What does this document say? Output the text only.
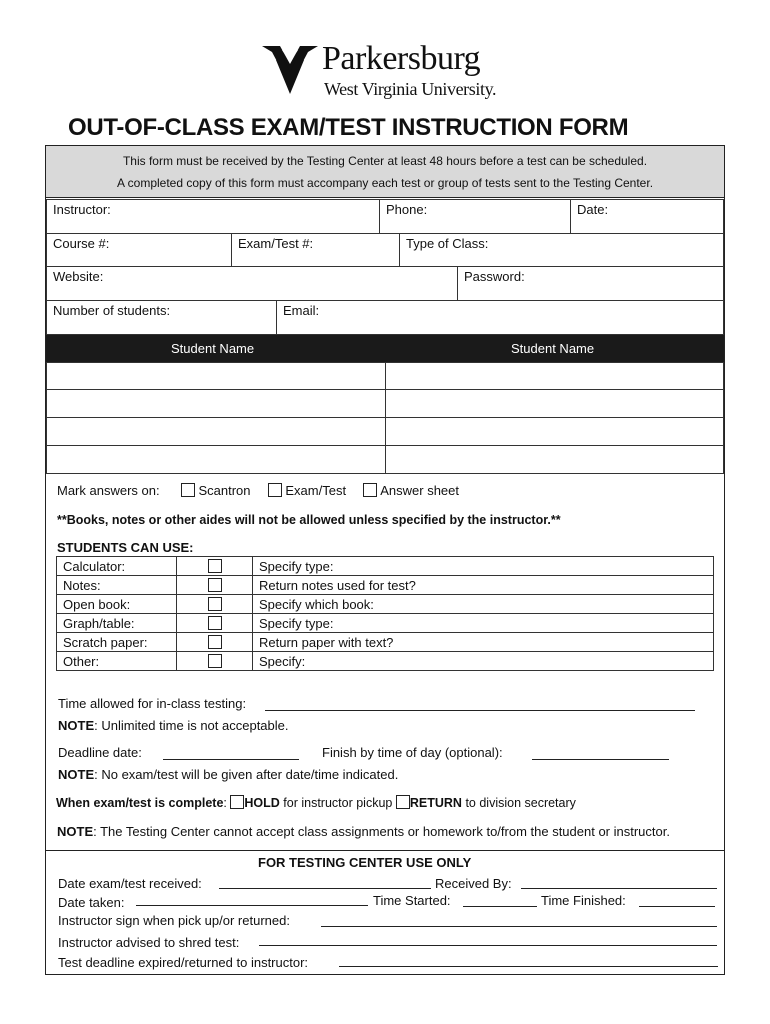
Parkersburg
West Virginia University.
OUT-OF-CLASS EXAM/TEST INSTRUCTION FORM
This form must be received by the Testing Center at least 48 hours before a test can be scheduled.
A completed copy of this form must accompany each test or group of tests sent to the Testing Center.
Instructor:	Phone:	Date:
Course #:	Exam/Test #:	Type of Class:
Website:	Password:
Number of students:	Email:
Student Name	Student Name
Mark answers on:	Scantron	Exam/Test	Answer sheet
**Books, notes or other aides will not be allowed unless specified by the instructor.**
STUDENTS CAN USE:
Calculator:		Specify type:
Notes:		Return notes used for test?
Open book:		Specify which book:
Graph/table:		Specify type:
Scratch paper:		Return paper with text?
Other:		Specify:
Time allowed for in-class testing:
NOTE: Unlimited time is not acceptable.
Deadline date:	Finish by time of day (optional):
NOTE: No exam/test will be given after date/time indicated.
When exam/test is complete: HOLD for instructor pickup RETURN to division secretary
NOTE: The Testing Center cannot accept class assignments or homework to/from the student or instructor.
FOR TESTING CENTER USE ONLY
Date exam/test received:	Received By:
Date taken:	Time Started:	Time Finished:
Instructor sign when pick up/or returned:
Instructor advised to shred test:
Test deadline expired/returned to instructor:
